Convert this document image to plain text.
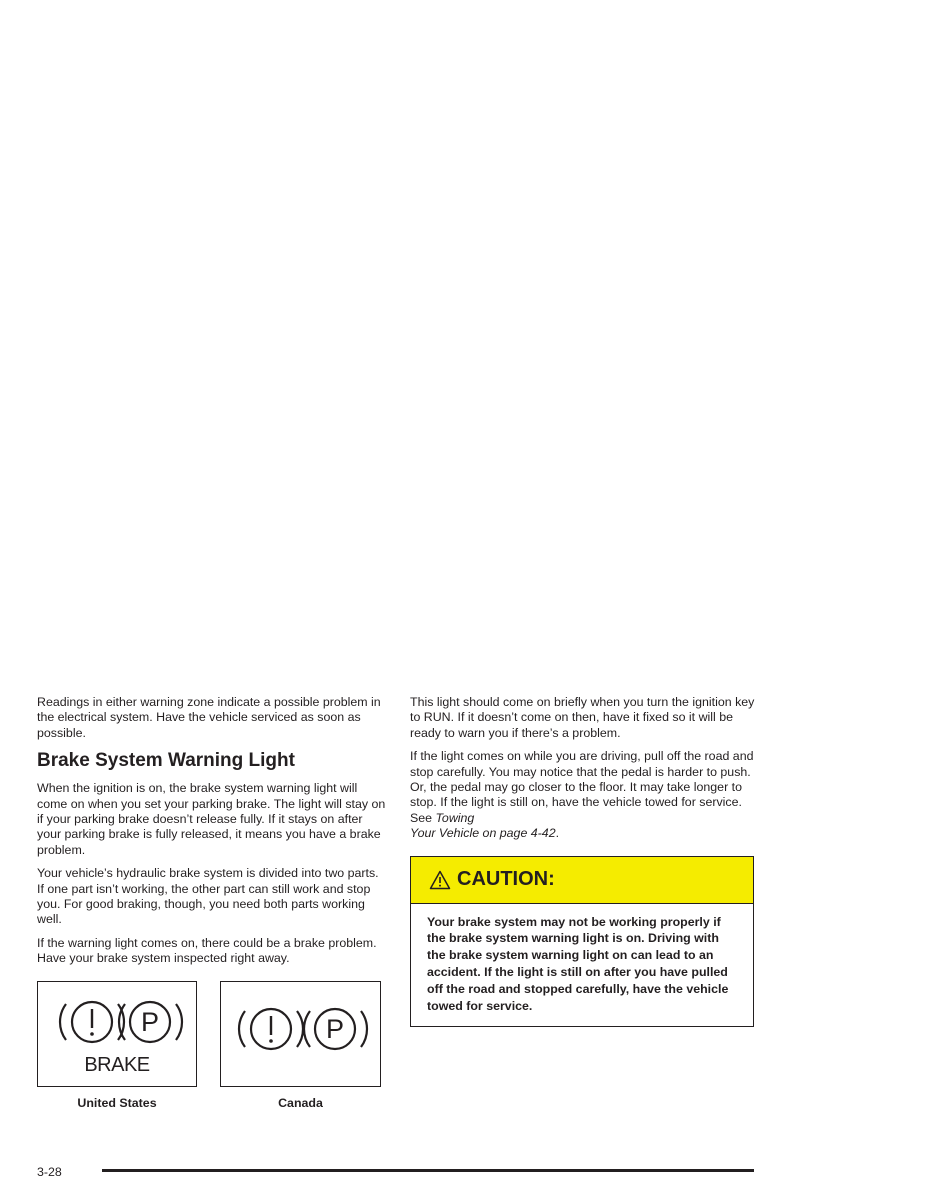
Readings in either warning zone indicate a possible problem in the electrical system. Have the vehicle serviced as soon as possible.

Brake System Warning Light

When the ignition is on, the brake system warning light will come on when you set your parking brake. The light will stay on if your parking brake doesn’t release fully. If it stays on after your parking brake is fully released, it means you have a brake problem.

Your vehicle’s hydraulic brake system is divided into two parts. If one part isn’t working, the other part can still work and stop you. For good braking, though, you need both parts working well.

If the warning light comes on, there could be a brake problem. Have your brake system inspected right away.

P
BRAKE
P
United States	Canada

This light should come on briefly when you turn the ignition key to RUN. If it doesn’t come on then, have it fixed so it will be ready to warn you if there’s a problem.

If the light comes on while you are driving, pull off the road and stop carefully. You may notice that the pedal is harder to push. Or, the pedal may go closer to the floor. It may take longer to stop. If the light is still on, have the vehicle towed for service. See Towing
Your Vehicle on page 4-42.

CAUTION:
Your brake system may not be working properly if the brake system warning light is on. Driving with the brake system warning light on can lead to an accident. If the light is still on after you have pulled off the road and stopped carefully, have the vehicle towed for service.
3-28
